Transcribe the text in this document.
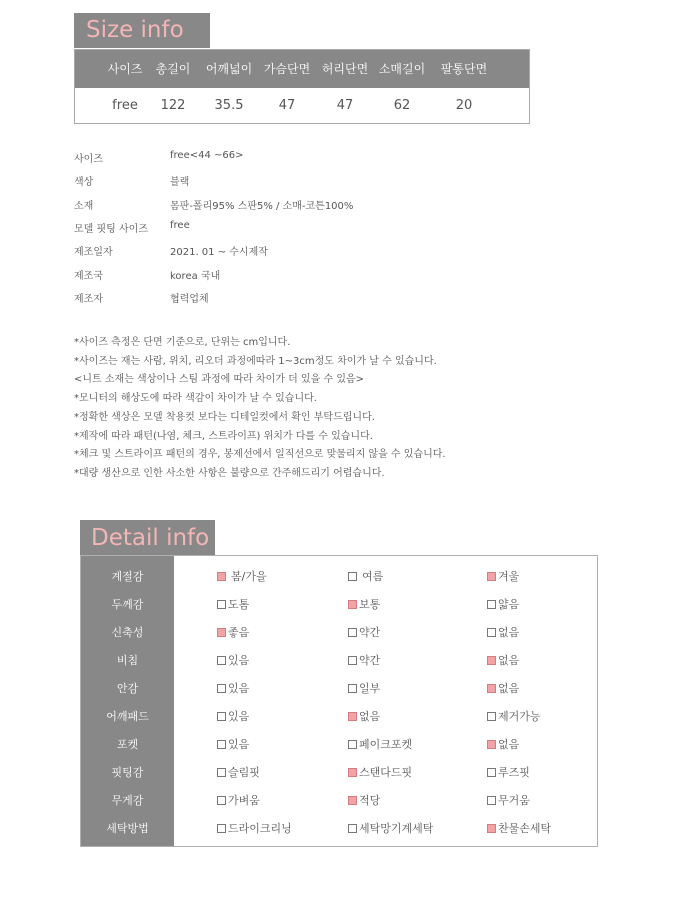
Size info
사이즈 총길이 어깨넓이 가슴단면 허리단면 소매길이 팔통단면
free 122 35.5	47	47	62	20
사이즈	free<44 ~66>
색상	블랙
소재	몸판-폴리95% 스판5% / 소매-코튼100%
모델 핏팅 사이즈 free
제조일자	2021. 01 ~ 수시제작
제조국	korea 국내
제조자	협력업체
*사이즈 측정은 단면 기준으로, 단위는 cm입니다.
*사이즈는 재는 사람, 위치, 리오더 과정에따라 1~3cm정도 차이가 날 수 있습니다.
<니트 소재는 색상이나 스팀 과정에 따라 차이가 더 있을 수 있음>
*모니터의 해상도에 따라 색감이 차이가 날 수 있습니다.
*정확한 색상은 모델 착용컷 보다는 디테일컷에서 확인 부탁드립니다.
*제작에 따라 패턴(나염, 체크, 스트라이프) 위치가 다를 수 있습니다.
*체크 및 스트라이프 패턴의 경우, 봉제선에서 일직선으로 맞물리지 않을 수 있습니다.
*대량 생산으로 인한 사소한 사항은 불량으로 간주해드리기 어렵습니다.
Detail info
계절감	봄/가을	여름	겨울
두께감	도톰	보통	얇음
신축성	좋음	약간	없음
비침	있음	약간	없음
안감	있음	일부	없음
어깨패드	있음	없음	제거가능
포켓	있음	페이크포켓	없음
핏팅감	슬림핏	스탠다드핏	루즈핏
무게감	가벼움	적당	무거움
세탁방법	드라이크리닝	세탁망기계세탁	찬물손세탁
